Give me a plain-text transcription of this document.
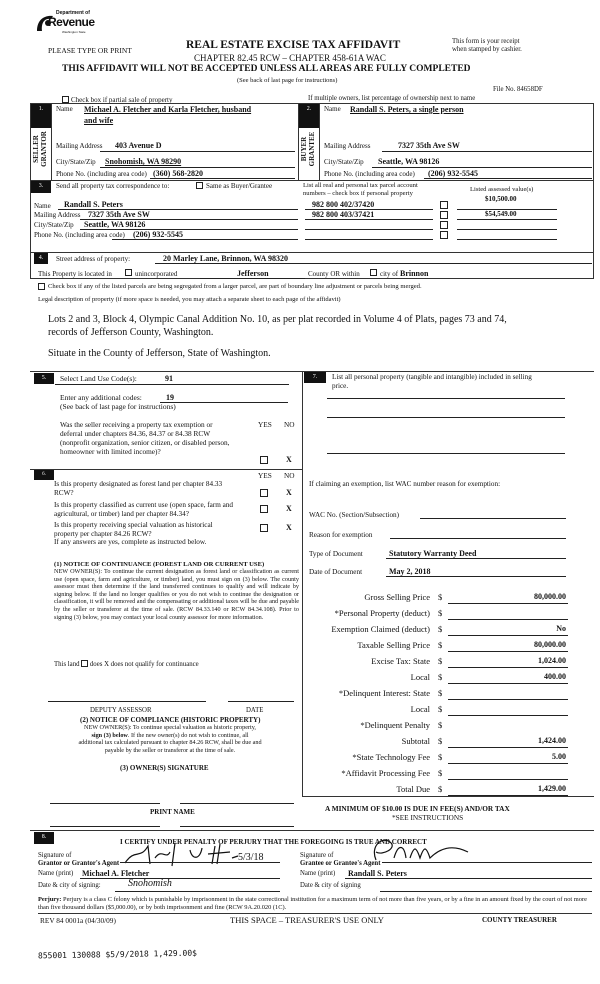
Department of
Revenue
Washington State
PLEASE TYPE OR PRINT	REAL ESTATE EXCISE TAX AFFIDAVIT
CHAPTER 82.45 RCW – CHAPTER 458-61A WAC
This form is your receipt
when stamped by cashier.
THIS AFFIDAVIT WILL NOT BE ACCEPTED UNLESS ALL AREAS ARE FULLY COMPLETED
(See back of last page for instructions)
File No. 84658DF
Check box if partial sale of property	If multiple owners, list percentage of ownership next to name
1.
SELLER
GRANTOR
Name Michael A. Fletcher and Karla Fletcher, husband
and wife
Mailing Address 403 Avenue D
City/State/Zip Snohomish, WA 98290
Phone No. (including area code) (360) 568-2820
2.
BUYER
GRANTEE
Name Randall S. Peters, a single person
Mailing Address	7327 35th Ave SW
City/State/Zip Seattle, WA 98126
Phone No. (including area code) (206) 932-5545
3.	Send all property tax correspondence to:	Same as Buyer/Grantee
Name Randall S. Peters
Mailing Address 7327 35th Ave SW
City/State/Zip Seattle, WA 98126
Phone No. (including area code) (206) 932-5545
List all real and personal tax parcel account
numbers – check box if personal property
Listed assessed value(s)
982 800 402/37420
$10,500.00
982 800 403/37421	$54,549.00
4.	Street address of property:	20 Marley Lane, Brinnon, WA 98320
This Property is located in	unincorporated	Jefferson	County OR within	city of Brinnon
Check box if any of the listed parcels are being segregated from a larger parcel, are part of boundary line adjustment or parcels being merged.
Legal description of property (if more space is needed, you may attach a separate sheet to each page of the affidavit)
Lots 2 and 3, Block 4, Olympic Canal Addition No. 10, as per plat recorded in Volume 4 of Plats, pages 73 and 74,
records of Jefferson County, Washington.
Situate in the County of Jefferson, State of Washington.
5.	Select Land Use Code(s):	91
Enter any additional codes:	19
(See back of last page for instructions)
Was the seller receiving a property tax exemption or
deferral under chapters 84.36, 84.37 or 84.38 RCW
(nonprofit organization, senior citizen, or disabled person,
homeowner with limited income)?
YES NO
X
6.	YES NO
Is this property designated as forest land per chapter 84.33
RCW?	X
Is this property classified as current use (open space, farm and
agricultural, or timber) land per chapter 84.34?
X
Is this property receiving special valuation as historical
property per chapter 84.26 RCW?
If any answers are yes, complete as instructed below.
X
(1) NOTICE OF CONTINUANCE (FOREST LAND OR CURRENT USE)
NEW OWNER(S): To continue the current designation as forest land or classification as current use (open space, farm and agriculture, or timber) land, you must sign on (3) below. The county assessor must then determine if the land transferred continues to qualify and will indicate by signing below. If the land no longer qualifies or you do not wish to continue the designation or classification, it will be removed and the compensating or additional taxes will be due and payable by the seller or transferor at the time of sale. (RCW 84.33.140 or RCW 84.34.108). Prior to signing (3) below, you may contact your local county assessor for more information.
This land does X does not qualify for continuance
DEPUTY ASSESSOR	DATE
(2) NOTICE OF COMPLIANCE (HISTORIC PROPERTY)
NEW OWNER(S): To continue special valuation as historic property,
sign (3) below. If the new owner(s) do not wish to continue, all
additional tax calculated pursuant to chapter 84.26 RCW, shall be due and
payable by the seller or transferor at the time of sale.
(3) OWNER(S) SIGNATURE
PRINT NAME
7.	List all personal property (tangible and intangible) included in selling
price.
If claiming an exemption, list WAC number reason for exemption:
WAC No. (Section/Subsection)
Reason for exemption
Type of Document	Statutory Warranty Deed
Date of Document	May 2, 2018
Gross Selling Price $	80,000.00
*Personal Property (deduct) $
Exemption Claimed (deduct) $	No
Taxable Selling Price $	80,000.00
Excise Tax: State $	1,024.00
Local $	400.00
*Delinquent Interest: State $
Local $
*Delinquent Penalty $
Subtotal $	1,424.00
*State Technology Fee $	5.00
*Affidavit Processing Fee $
Total Due $	1,429.00
A MINIMUM OF $10.00 IS DUE IN FEE(S) AND/OR TAX
*SEE INSTRUCTIONS
8.
I CERTIFY UNDER PENALTY OF PERJURY THAT THE FOREGOING IS TRUE AND CORRECT
Signature of
Grantor or Grantor's Agent
5/3/18
Name (print) Michael A. Fletcher
Date & city of signing:	Snohomish
Signature of
Grantee or Grantee's Agent
Name (print) Randall S. Peters
Date & city of signing
Perjury: Perjury is a class C felony which is punishable by imprisonment in the state correctional institution for a maximum term of not more than five years, or by a fine in an amount fixed by the court of not more than five thousand dollars ($5,000.00), or by both imprisonment and fine (RCW 9A.20.020 (1C).
REV 84 0001a (04/30/09)	THIS SPACE – TREASURER'S USE ONLY	COUNTY TREASURER
855001 130088 $5/9/2018 1,429.00$
